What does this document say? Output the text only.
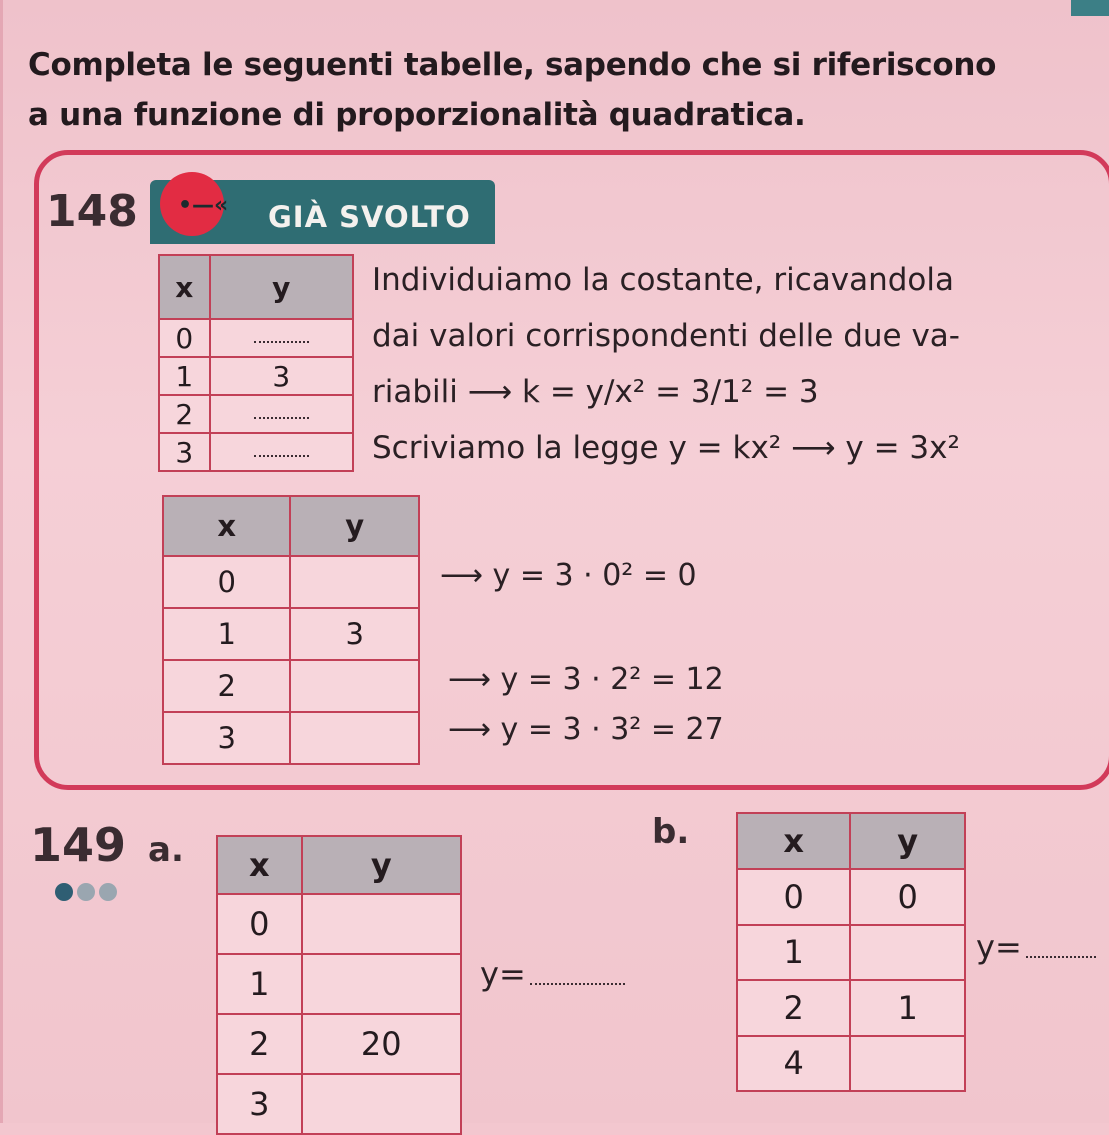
Completa le seguenti tabelle, sapendo che si riferiscono
a una funzione di proporzionalità quadratica.
148 •—« GIÀ SVOLTO
x	y
0	
1	3
2	
3	
Individuiamo la costante, ricavandola
dai valori corrispondenti delle due va-
riabili ⟶ k = y/x² = 3/1² = 3
Scriviamo la legge y = kx² ⟶ y = 3x²
x	y
0	
1	3
2	
3	
⟶ y = 3 · 0² = 0
⟶ y = 3 · 2² = 12
⟶ y = 3 · 3² = 27
149 a.	b.
x	y
0	
1	
2	20
3	
y=
x	y
0	0
1	
2	1
4	
y=
